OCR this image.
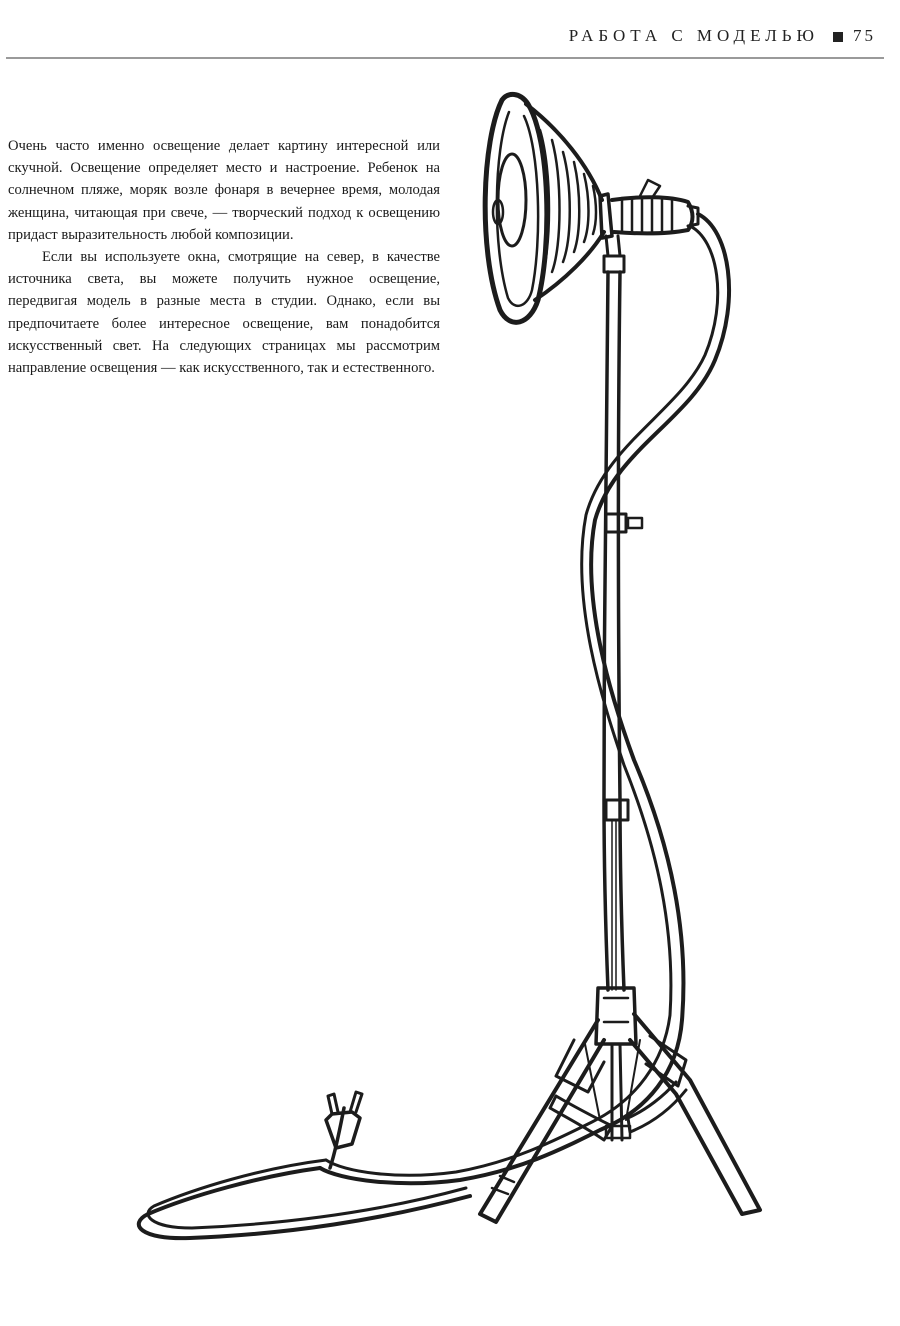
РАБОТА С МОДЕЛЬЮ 75

Очень часто именно освещение делает картину интересной или скучной. Освещение определяет место и настроение. Ребенок на солнечном пляже, моряк возле фонаря в вечернее время, молодая женщина, читающая при свече, — творческий подход к освещению придаст выразительность любой композиции.

Если вы используете окна, смотрящие на север, в качестве источника света, вы можете получить нужное освещение, передвигая модель в разные места в студии. Однако, если вы предпочитаете более интересное освещение, вам понадобится искусственный свет. На следующих страницах мы рассмотрим направление освещения — как искусственного, так и естественного.
